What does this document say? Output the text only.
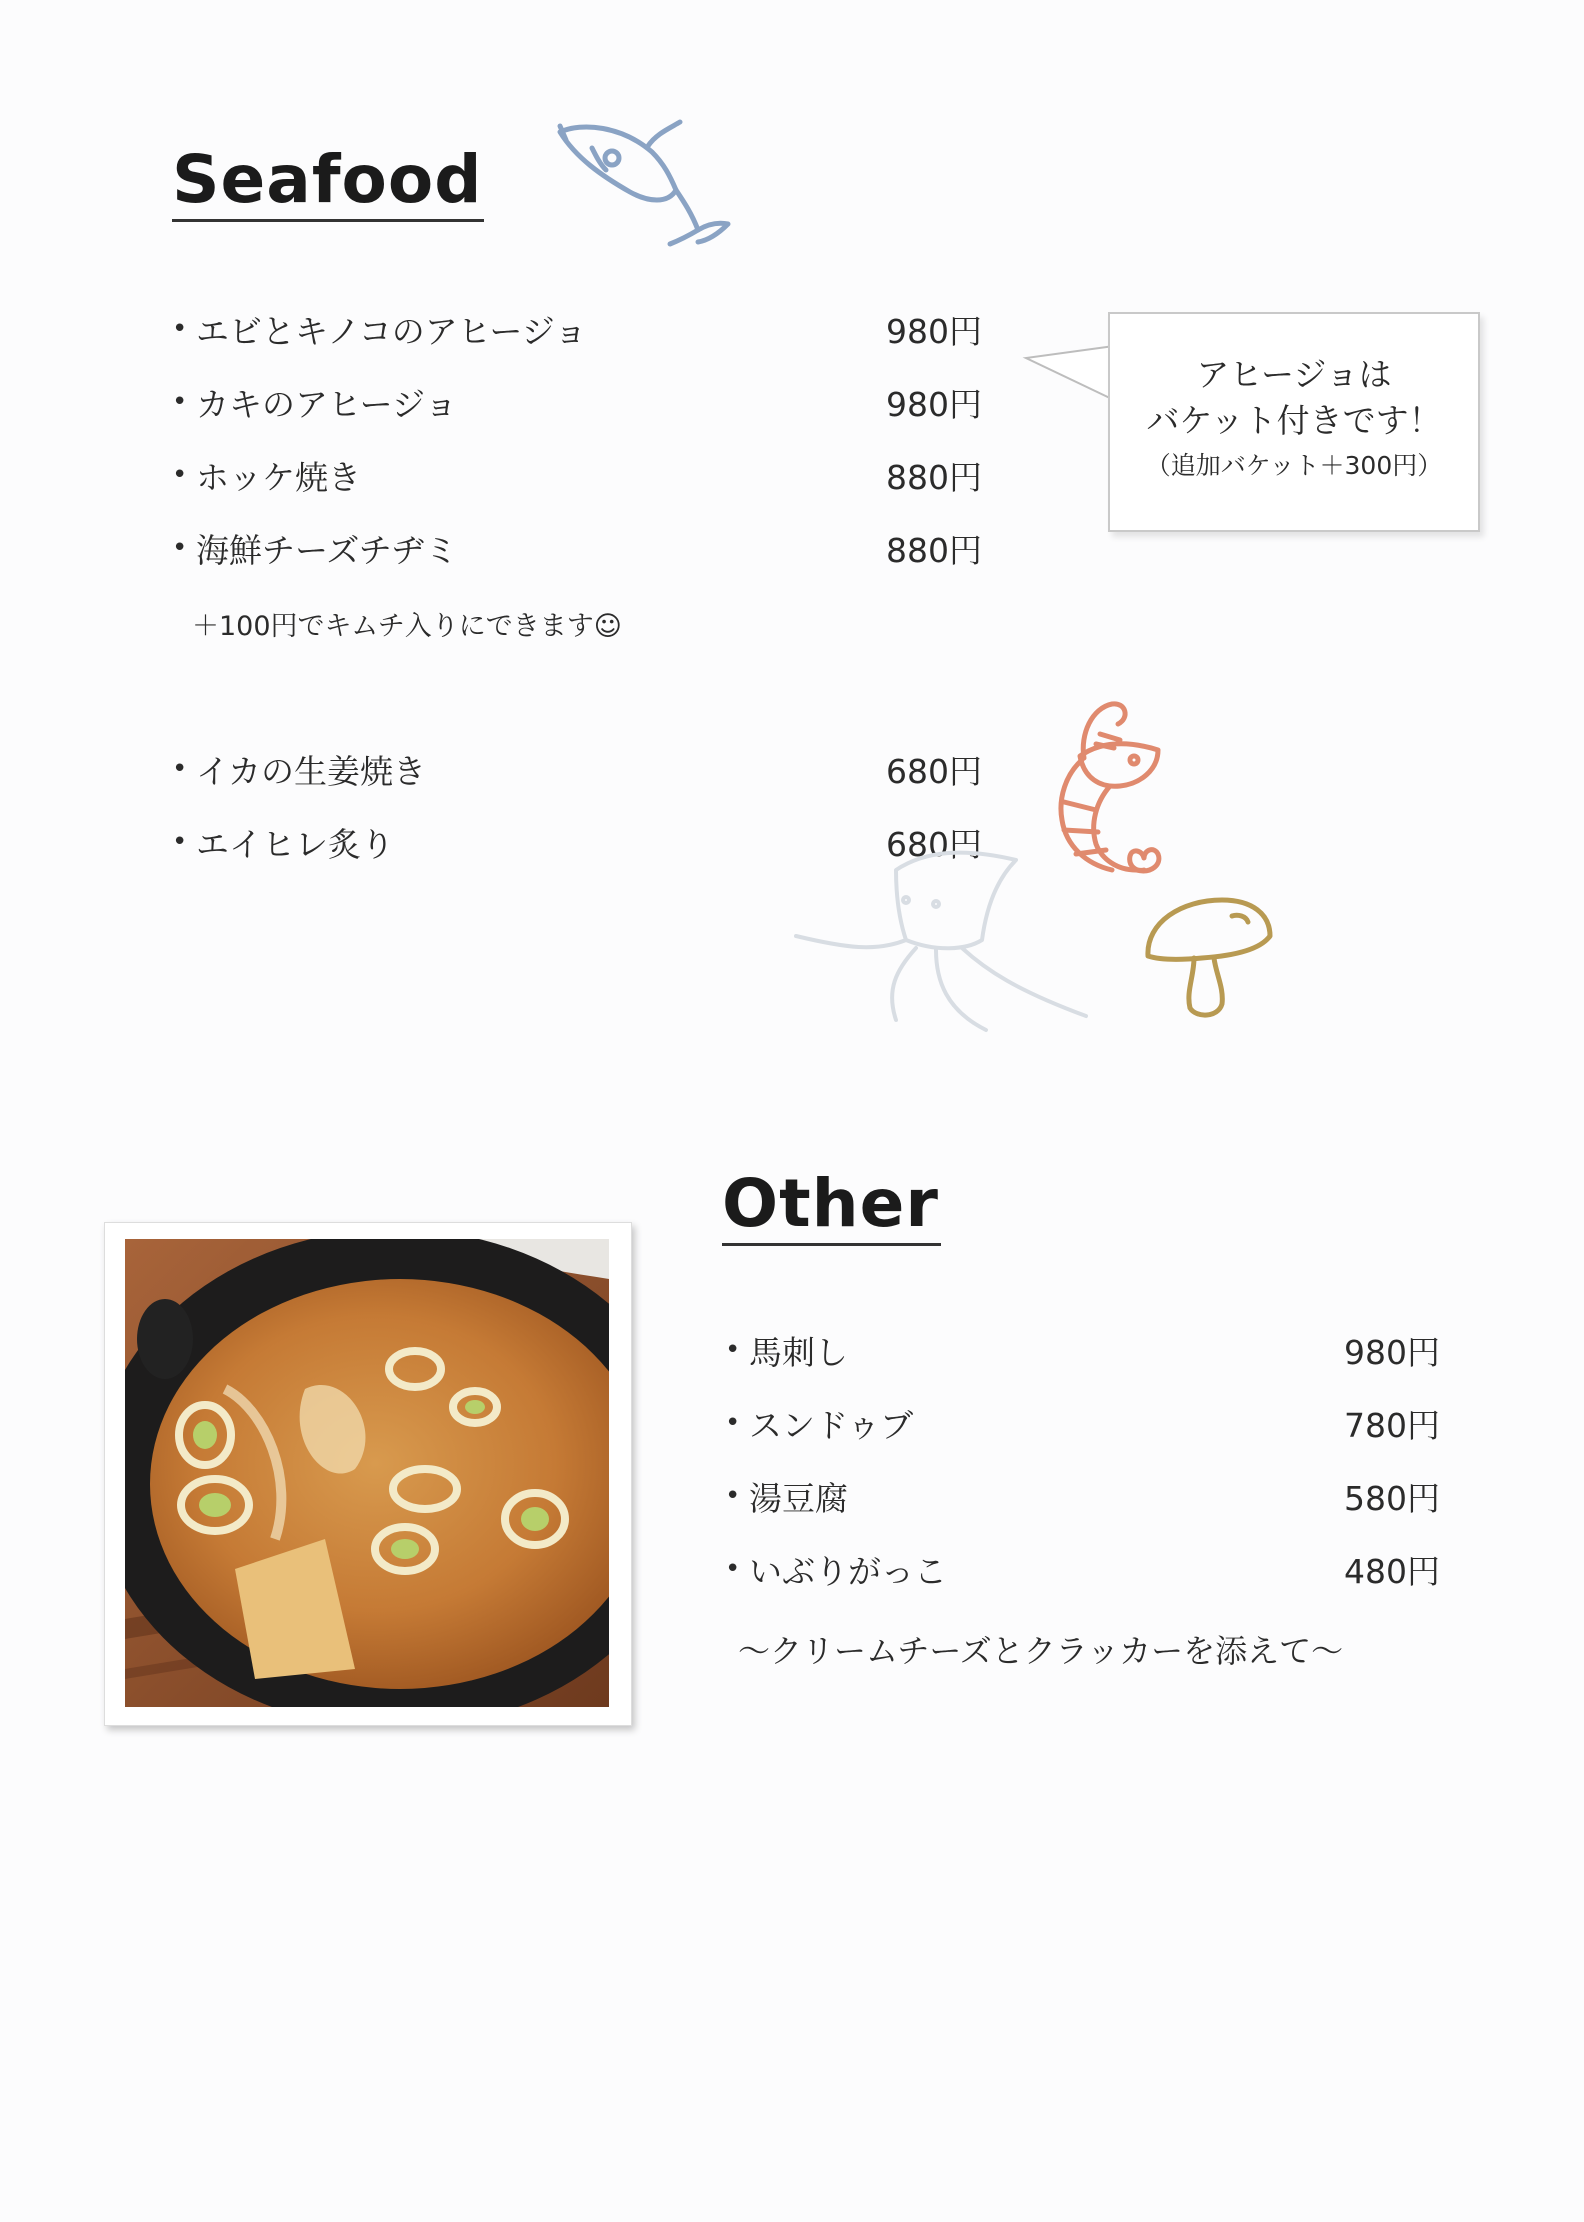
Seafood
• エビとキノコのアヒージョ	980円
• カキのアヒージョ	980円
• ホッケ焼き	880円
• 海鮮チーズチヂミ	880円
• イカの生姜焼き	680円
• エイヒレ炙り	680円
＋100円でキムチ入りにできます☺
アヒージョは
バケット付きです！
（追加バケット＋300円）
Other
• 馬刺し	980円
• スンドゥブ	780円
• 湯豆腐	580円
• いぶりがっこ	480円
～クリームチーズとクラッカーを添えて～
